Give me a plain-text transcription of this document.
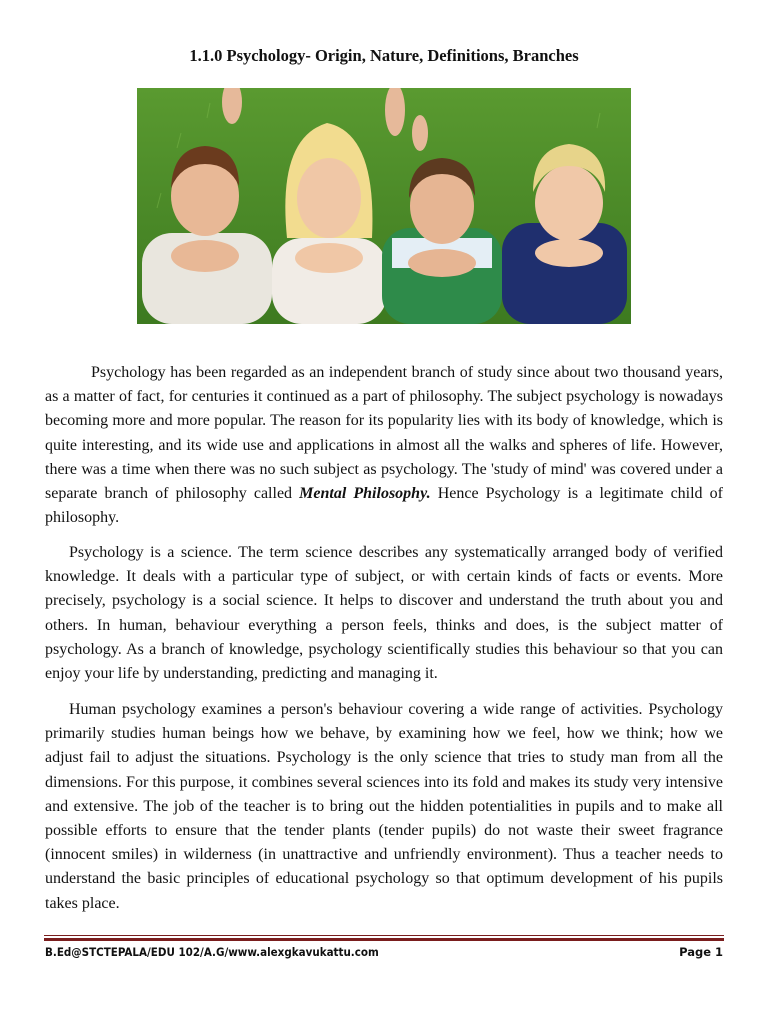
1.1.0 Psychology- Origin, Nature, Definitions, Branches

Psychology has been regarded as an independent branch of study since about two thousand years, as a matter of fact, for centuries it continued as a part of philosophy. The subject psychology is nowadays becoming more and more popular. The reason for its popularity lies with its body of knowledge, which is quite interesting, and its wide use and applications in almost all the walks and spheres of life. However, there was a time when there was no such subject as psychology. The 'study of mind' was covered under a separate branch of philosophy called Mental Philosophy. Hence Psychology is a legitimate child of philosophy.

Psychology is a science. The term science describes any systematically arranged body of verified knowledge. It deals with a particular type of subject, or with certain kinds of facts or events. More precisely, psychology is a social science. It helps to discover and understand the truth about you and others. In human, behaviour everything a person feels, thinks and does, is the subject matter of psychology. As a branch of knowledge, psychology scientifically studies this behaviour so that you can enjoy your life by understanding, predicting and managing it.

Human psychology examines a person's behaviour covering a wide range of activities. Psychology primarily studies human beings how we behave, by examining how we feel, how we think; how we adjust fail to adjust the situations. Psychology is the only science that tries to study man from all the dimensions. For this purpose, it combines several sciences into its fold and makes its study very intensive and extensive. The job of the teacher is to bring out the hidden potentialities in pupils and to make all possible efforts to ensure that the tender plants (tender pupils) do not waste their sweet fragrance (innocent smiles) in wilderness (in unattractive and unfriendly environment). Thus a teacher needs to understand the basic principles of educational psychology so that optimum development of his pupils takes place.

B.Ed@STCTEPALA/EDU 102/A.G/www.alexgkavukattu.com	Page 1
